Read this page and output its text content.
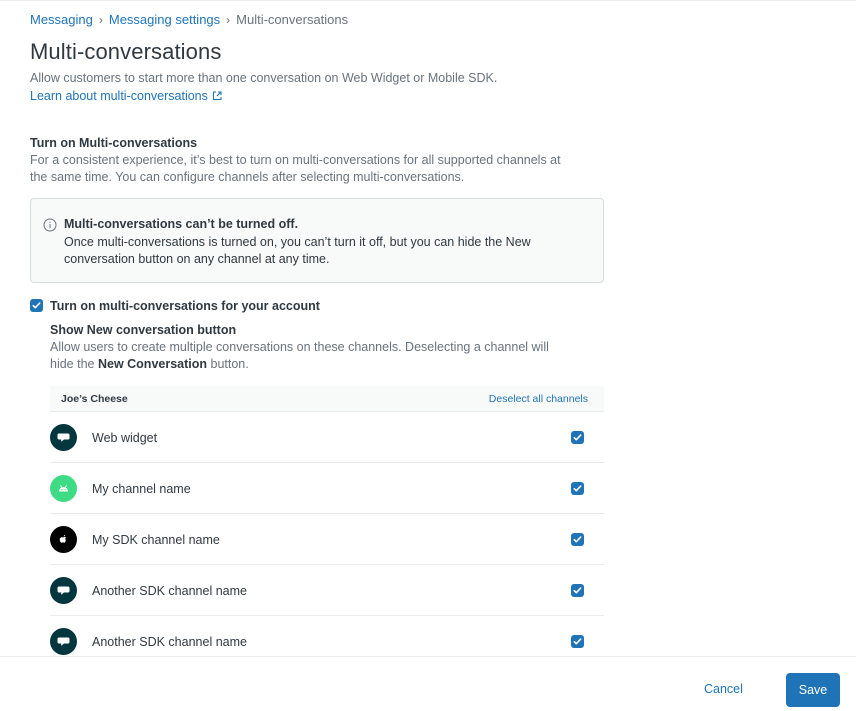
Messaging › Messaging settings › Multi-conversations
Multi-conversations

Allow customers to start more than one conversation on Web Widget or Mobile SDK.

Learn about multi-conversations
Turn on Multi-conversations

For a consistent experience, it’s best to turn on multi-conversations for all supported channels at the same time. You can configure channels after selecting multi-conversations.

Multi-conversations can’t be turned off.
Once multi-conversations is turned on, you can’t turn it off, but you can hide the New conversation button on any channel at any time.
Turn on multi-conversations for your account
Show New conversation button

Allow users to create multiple conversations on these channels. Deselecting a channel will hide the New Conversation button.

Joe’s Cheese	Deselect all channels
Web widget
My channel name
My SDK channel name
Another SDK channel name
Another SDK channel name
Cancel	Save
